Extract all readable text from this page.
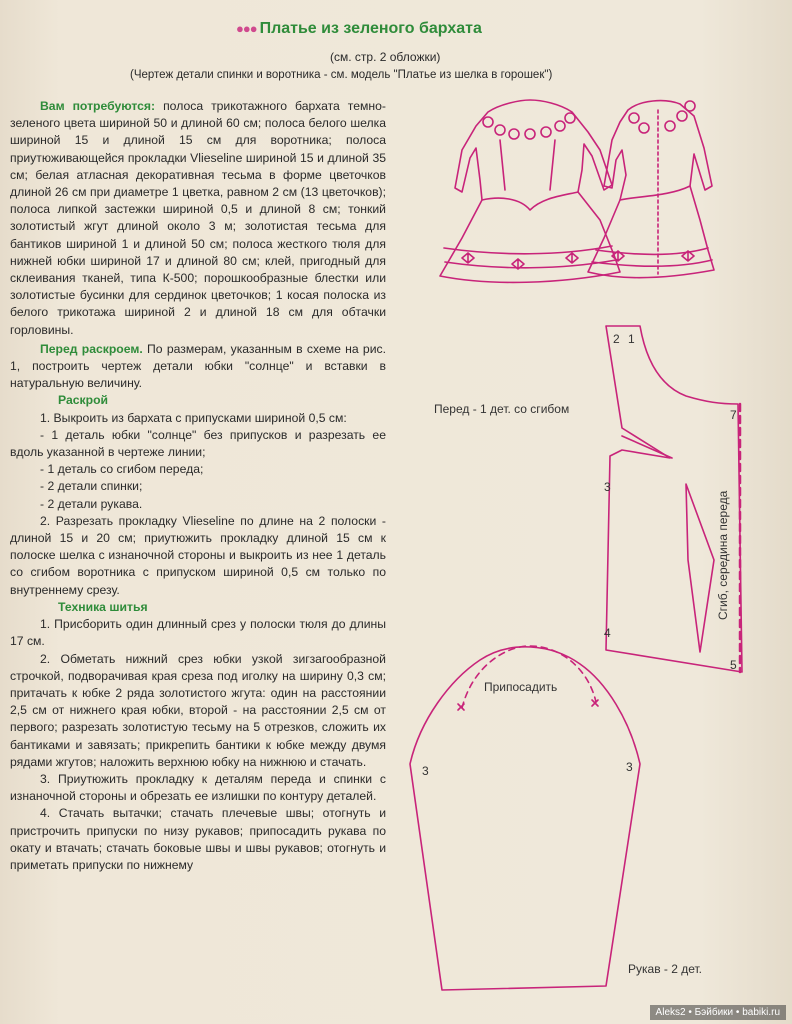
●●● Платье из зеленого бархата
(см. стр. 2 обложки)
(Чертеж детали спинки и воротника - см. модель "Платье из шелка в горошек")

Вам потребуются: полоса трикотажного бархата темно-зеленого цвета шириной 50 и длиной 60 см; полоса белого шелка шириной 15 и длиной 15 см для воротника; полоса приутюживающейся прокладки Vlieseline шириной 15 и длиной 35 см; белая атласная декоративная тесьма в форме цветочков длиной 26 см при диаметре 1 цветка, равном 2 см (13 цветочков); полоса липкой застежки шириной 0,5 и длиной 8 см; тонкий золотистый жгут длиной около 3 м; золотистая тесьма для бантиков шириной 1 и длиной 50 см; полоса жесткого тюля для нижней юбки шириной 17 и длиной 80 см; клей, пригодный для склеивания тканей, типа К-500; порошкообразные блестки или золотистые бусинки для сердинок цветочков; 1 косая полоска из белого трикотажа шириной 2 и длиной 18 см для обтачки горловины.

Перед раскроем. По размерам, указанным в схеме на рис. 1, построить чертеж детали юбки "солнце" и вставки в натуральную величину.

Раскрой

1. Выкроить из бархата с припусками шириной 0,5 см:

- 1 деталь юбки "солнце" без припусков и разрезать ее вдоль указанной в чертеже линии;

- 1 деталь со сгибом переда;

- 2 детали спинки;

- 2 детали рукава.

2. Разрезать прокладку Vlieseline по длине на 2 полоски - длиной 15 и 20 см; приутюжить прокладку длиной 15 см к полоске шелка с изнаночной стороны и выкроить из нее 1 деталь со сгибом воротника с припуском шириной 0,5 см только по внутреннему срезу.

Техника шитья

1. Присборить один длинный срез у полоски тюля до длины 17 см.

2. Обметать нижний срез юбки узкой зигзагообразной строчкой, подворачивая края среза под иголку на ширину 0,3 см; притачать к юбке 2 ряда золотистого жгута: один на расстоянии 2,5 см от нижнего края юбки, второй - на расстоянии 2,5 см от первого; разрезать золотистую тесьму на 5 отрезков, сложить их бантиками и завязать; прикрепить бантики к юбке между двумя рядами жгутов; наложить верхнюю юбку на нижнюю и стачать.

3. Приутюжить прокладку к деталям переда и спинки с изнаночной стороны и обрезать ее излишки по контуру деталей.

4. Стачать вытачки; стачать плечевые швы; отогнуть и пристрочить припуски по низу рукавов; припосадить рукава по окату и втачать; стачать боковые швы и швы рукавов; отогнуть и приметать припуски по нижнему

Перед - 1 дет. со сгибом
Сгиб, середина переда
Припосадить
Рукав - 2 дет.
2 1
7
3
4
5
3	3
Aleks2 • Бэйбики • babiki.ru
